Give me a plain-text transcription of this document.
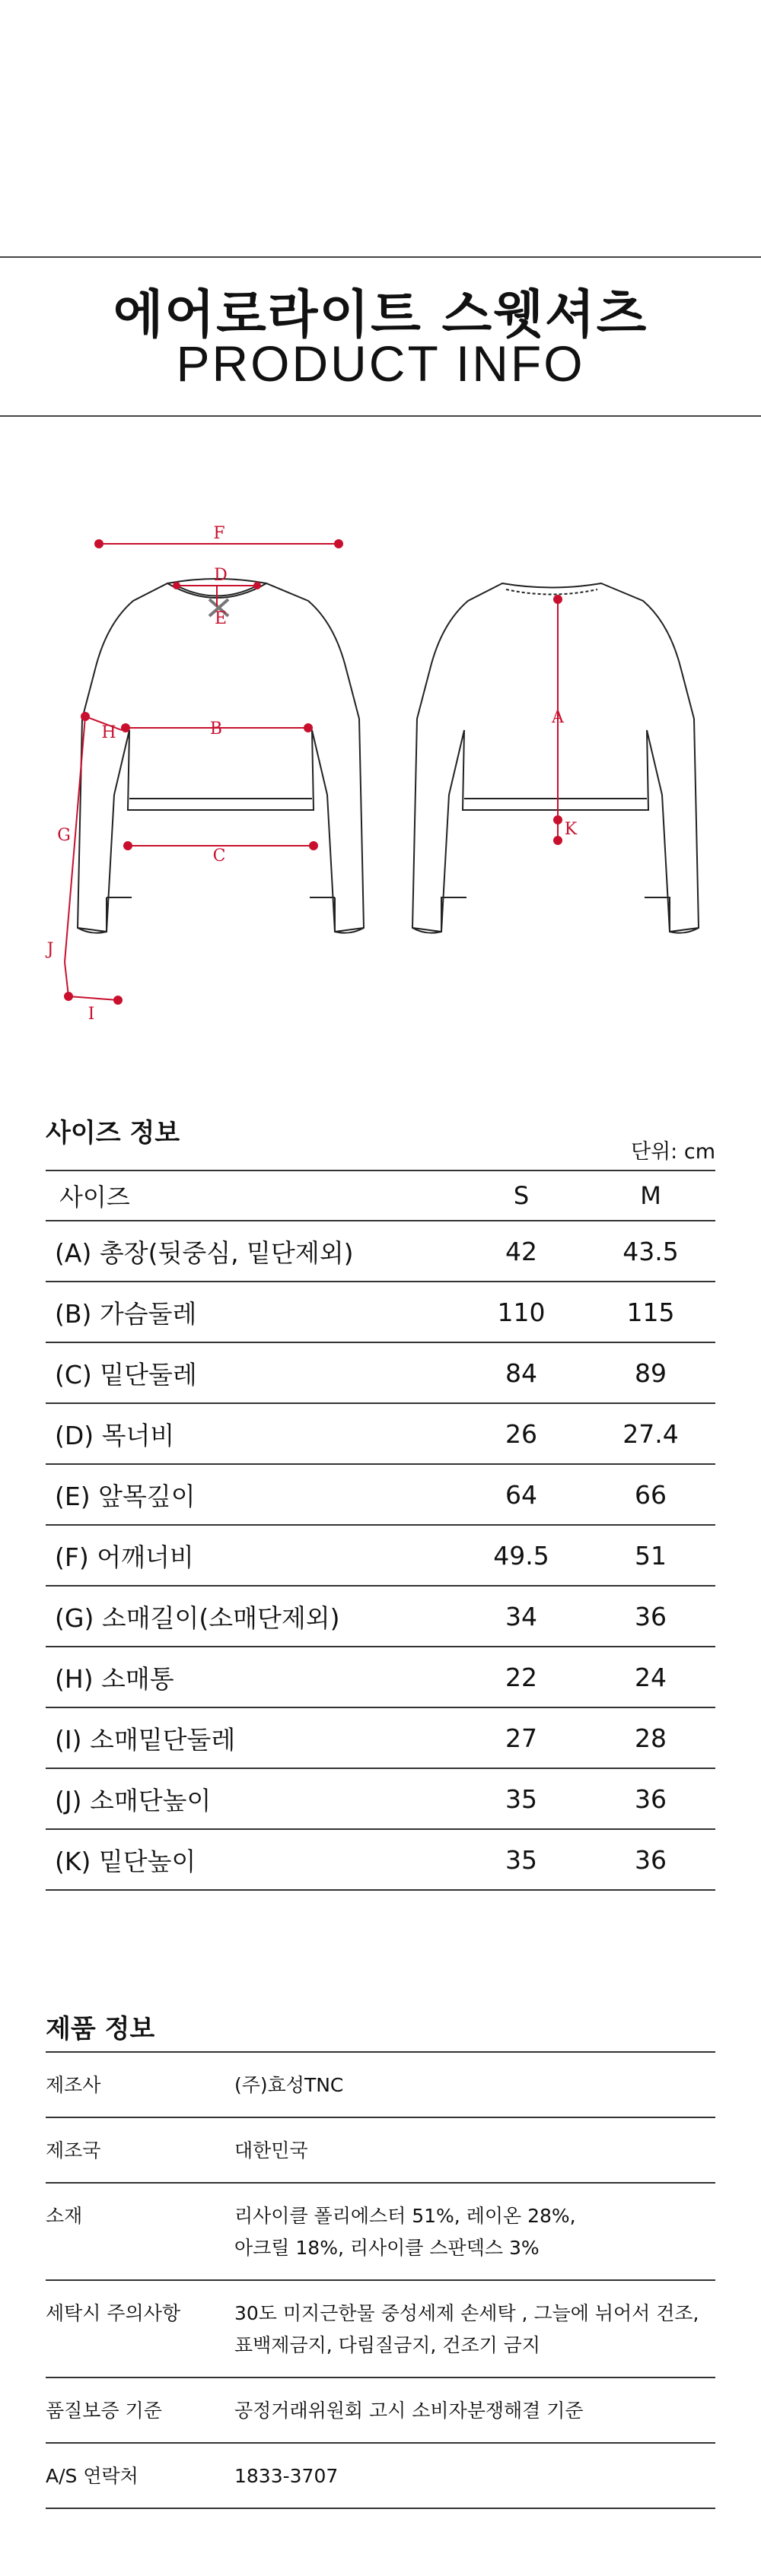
에어로라이트 스웻셔츠
PRODUCT INFO
F
D
E
B
H
G
C
J
I
A
K
사이즈 정보
단위: cm
사이즈	S	M
(A) 총장(뒷중심, 밑단제외)	42	43.5
(B) 가슴둘레	110	115
(C) 밑단둘레	84	89
(D) 목너비	26	27.4
(E) 앞목깊이	64	66
(F) 어깨너비	49.5	51
(G) 소매길이(소매단제외)	34	36
(H) 소매통	22	24
(I) 소매밑단둘레	27	28
(J) 소매단높이	35	36
(K) 밑단높이	35	36
제품 정보
제조사	(주)효성TNC

제조국	대한민국

소재	리사이클 폴리에스터 51%, 레이온 28%,
아크릴 18%, 리사이클 스판덱스 3%

세탁시 주의사항	30도 미지근한물 중성세제 손세탁 , 그늘에 뉘어서 건조,
표백제금지, 다림질금지, 건조기 금지

품질보증 기준	공정거래위원회 고시 소비자분쟁해결 기준

A/S 연락처	1833-3707
